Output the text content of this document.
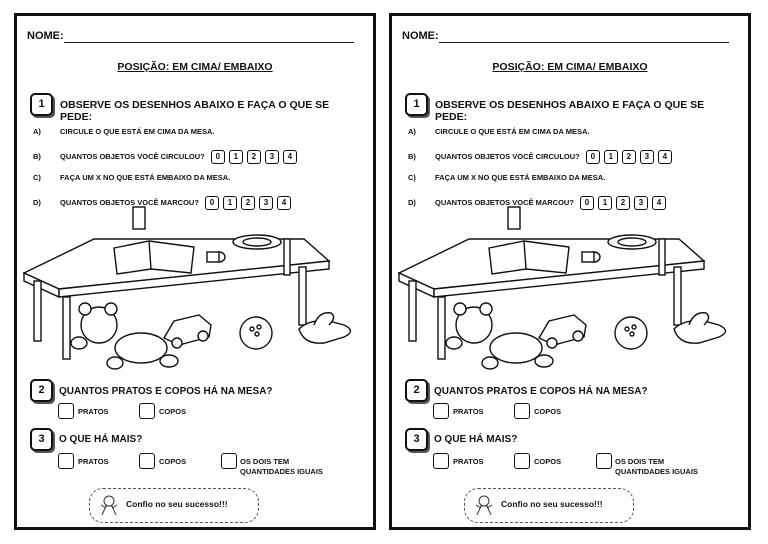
NOME:
POSIÇÃO: EM CIMA/ EMBAIXO
1	OBSERVE OS DESENHOS ABAIXO E FAÇA O QUE SE PEDE:
A)	CIRCULE O QUE ESTÁ EM CIMA DA MESA.
B)	QUANTOS OBJETOS VOCÊ CIRCULOU? 0 1 2 3 4
C)	FAÇA UM X NO QUE ESTÁ EMBAIXO DA MESA.
D)	QUANTOS OBJETOS VOCÊ MARCOU? 0 1 2 3 4
2	QUANTOS PRATOS E COPOS HÁ NA MESA?
PRATOS	COPOS
3	O QUE HÁ MAIS?
PRATOS	COPOS	OS DOIS TEM QUANTIDADES IGUAIS
Confio no seu sucesso!!!
NOME:
POSIÇÃO: EM CIMA/ EMBAIXO
1	OBSERVE OS DESENHOS ABAIXO E FAÇA O QUE SE PEDE:
A)	CIRCULE O QUE ESTÁ EM CIMA DA MESA.
B)	QUANTOS OBJETOS VOCÊ CIRCULOU? 0 1 2 3 4
C)	FAÇA UM X NO QUE ESTÁ EMBAIXO DA MESA.
D)	QUANTOS OBJETOS VOCÊ MARCOU? 0 1 2 3 4
2	QUANTOS PRATOS E COPOS HÁ NA MESA?
PRATOS	COPOS
3	O QUE HÁ MAIS?
PRATOS	COPOS	OS DOIS TEM QUANTIDADES IGUAIS
Confio no seu sucesso!!!
